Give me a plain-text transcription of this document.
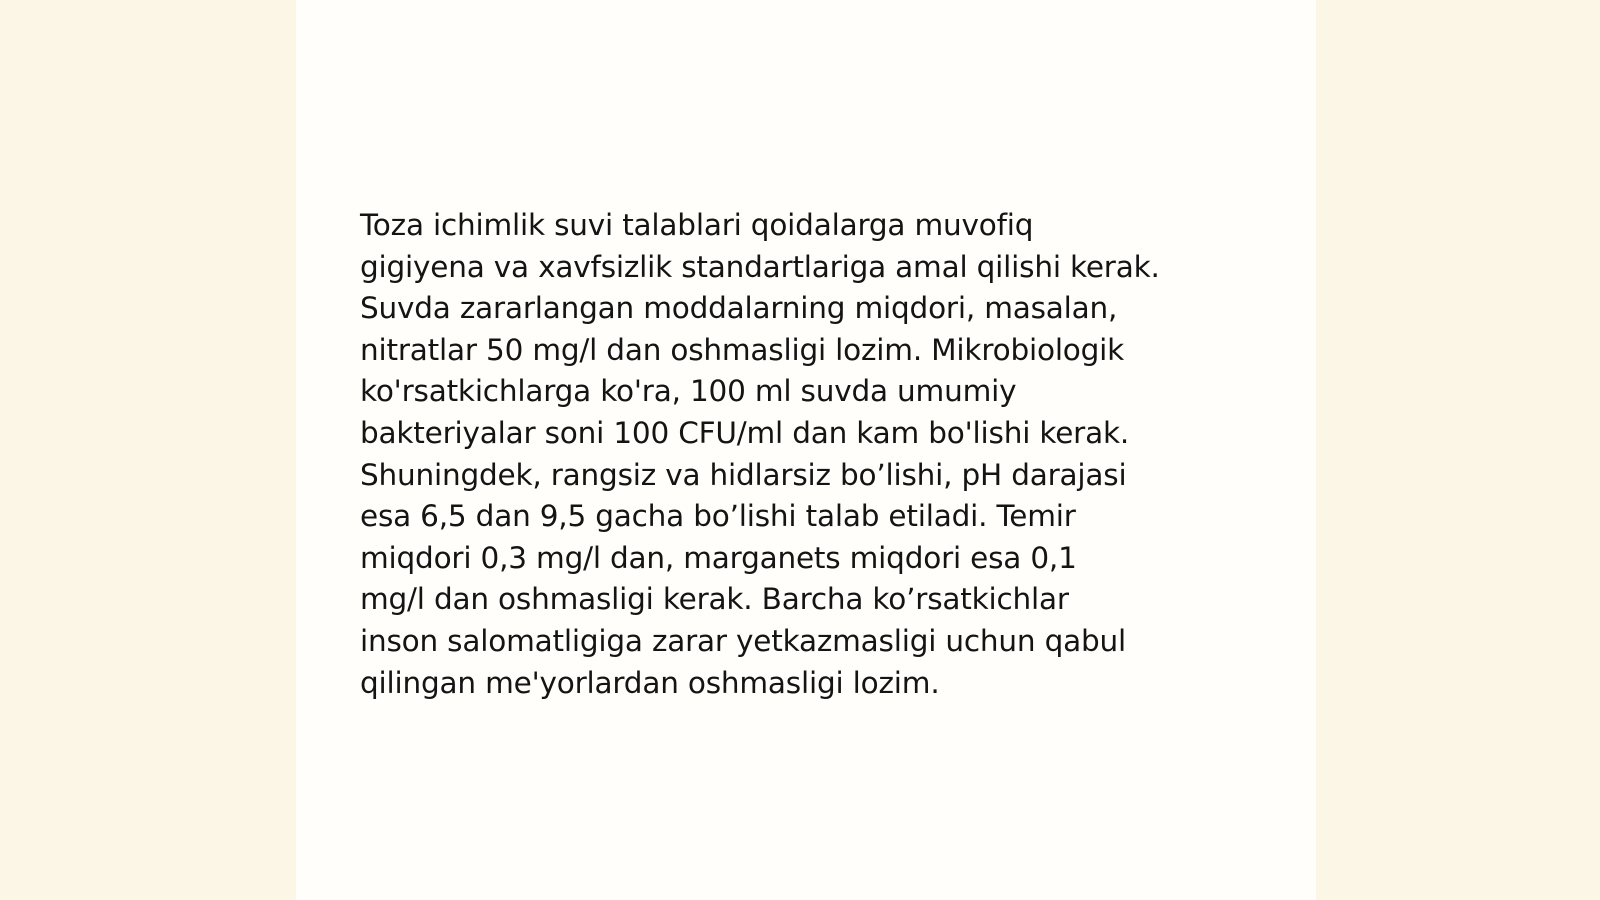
Toza ichimlik suvi talablari qoidalarga muvofiq
gigiyena va xavfsizlik standartlariga amal qilishi kerak.
Suvda zararlangan moddalarning miqdori, masalan,
nitratlar 50 mg/l dan oshmasligi lozim. Mikrobiologik
ko'rsatkichlarga ko'ra, 100 ml suvda umumiy
bakteriyalar soni 100 CFU/ml dan kam bo'lishi kerak.
Shuningdek, rangsiz va hidlarsiz bo’lishi, pH darajasi
esa 6,5 dan 9,5 gacha bo’lishi talab etiladi. Temir
miqdori 0,3 mg/l dan, marganets miqdori esa 0,1
mg/l dan oshmasligi kerak. Barcha ko’rsatkichlar
inson salomatligiga zarar yetkazmasligi uchun qabul
qilingan me'yorlardan oshmasligi lozim.
